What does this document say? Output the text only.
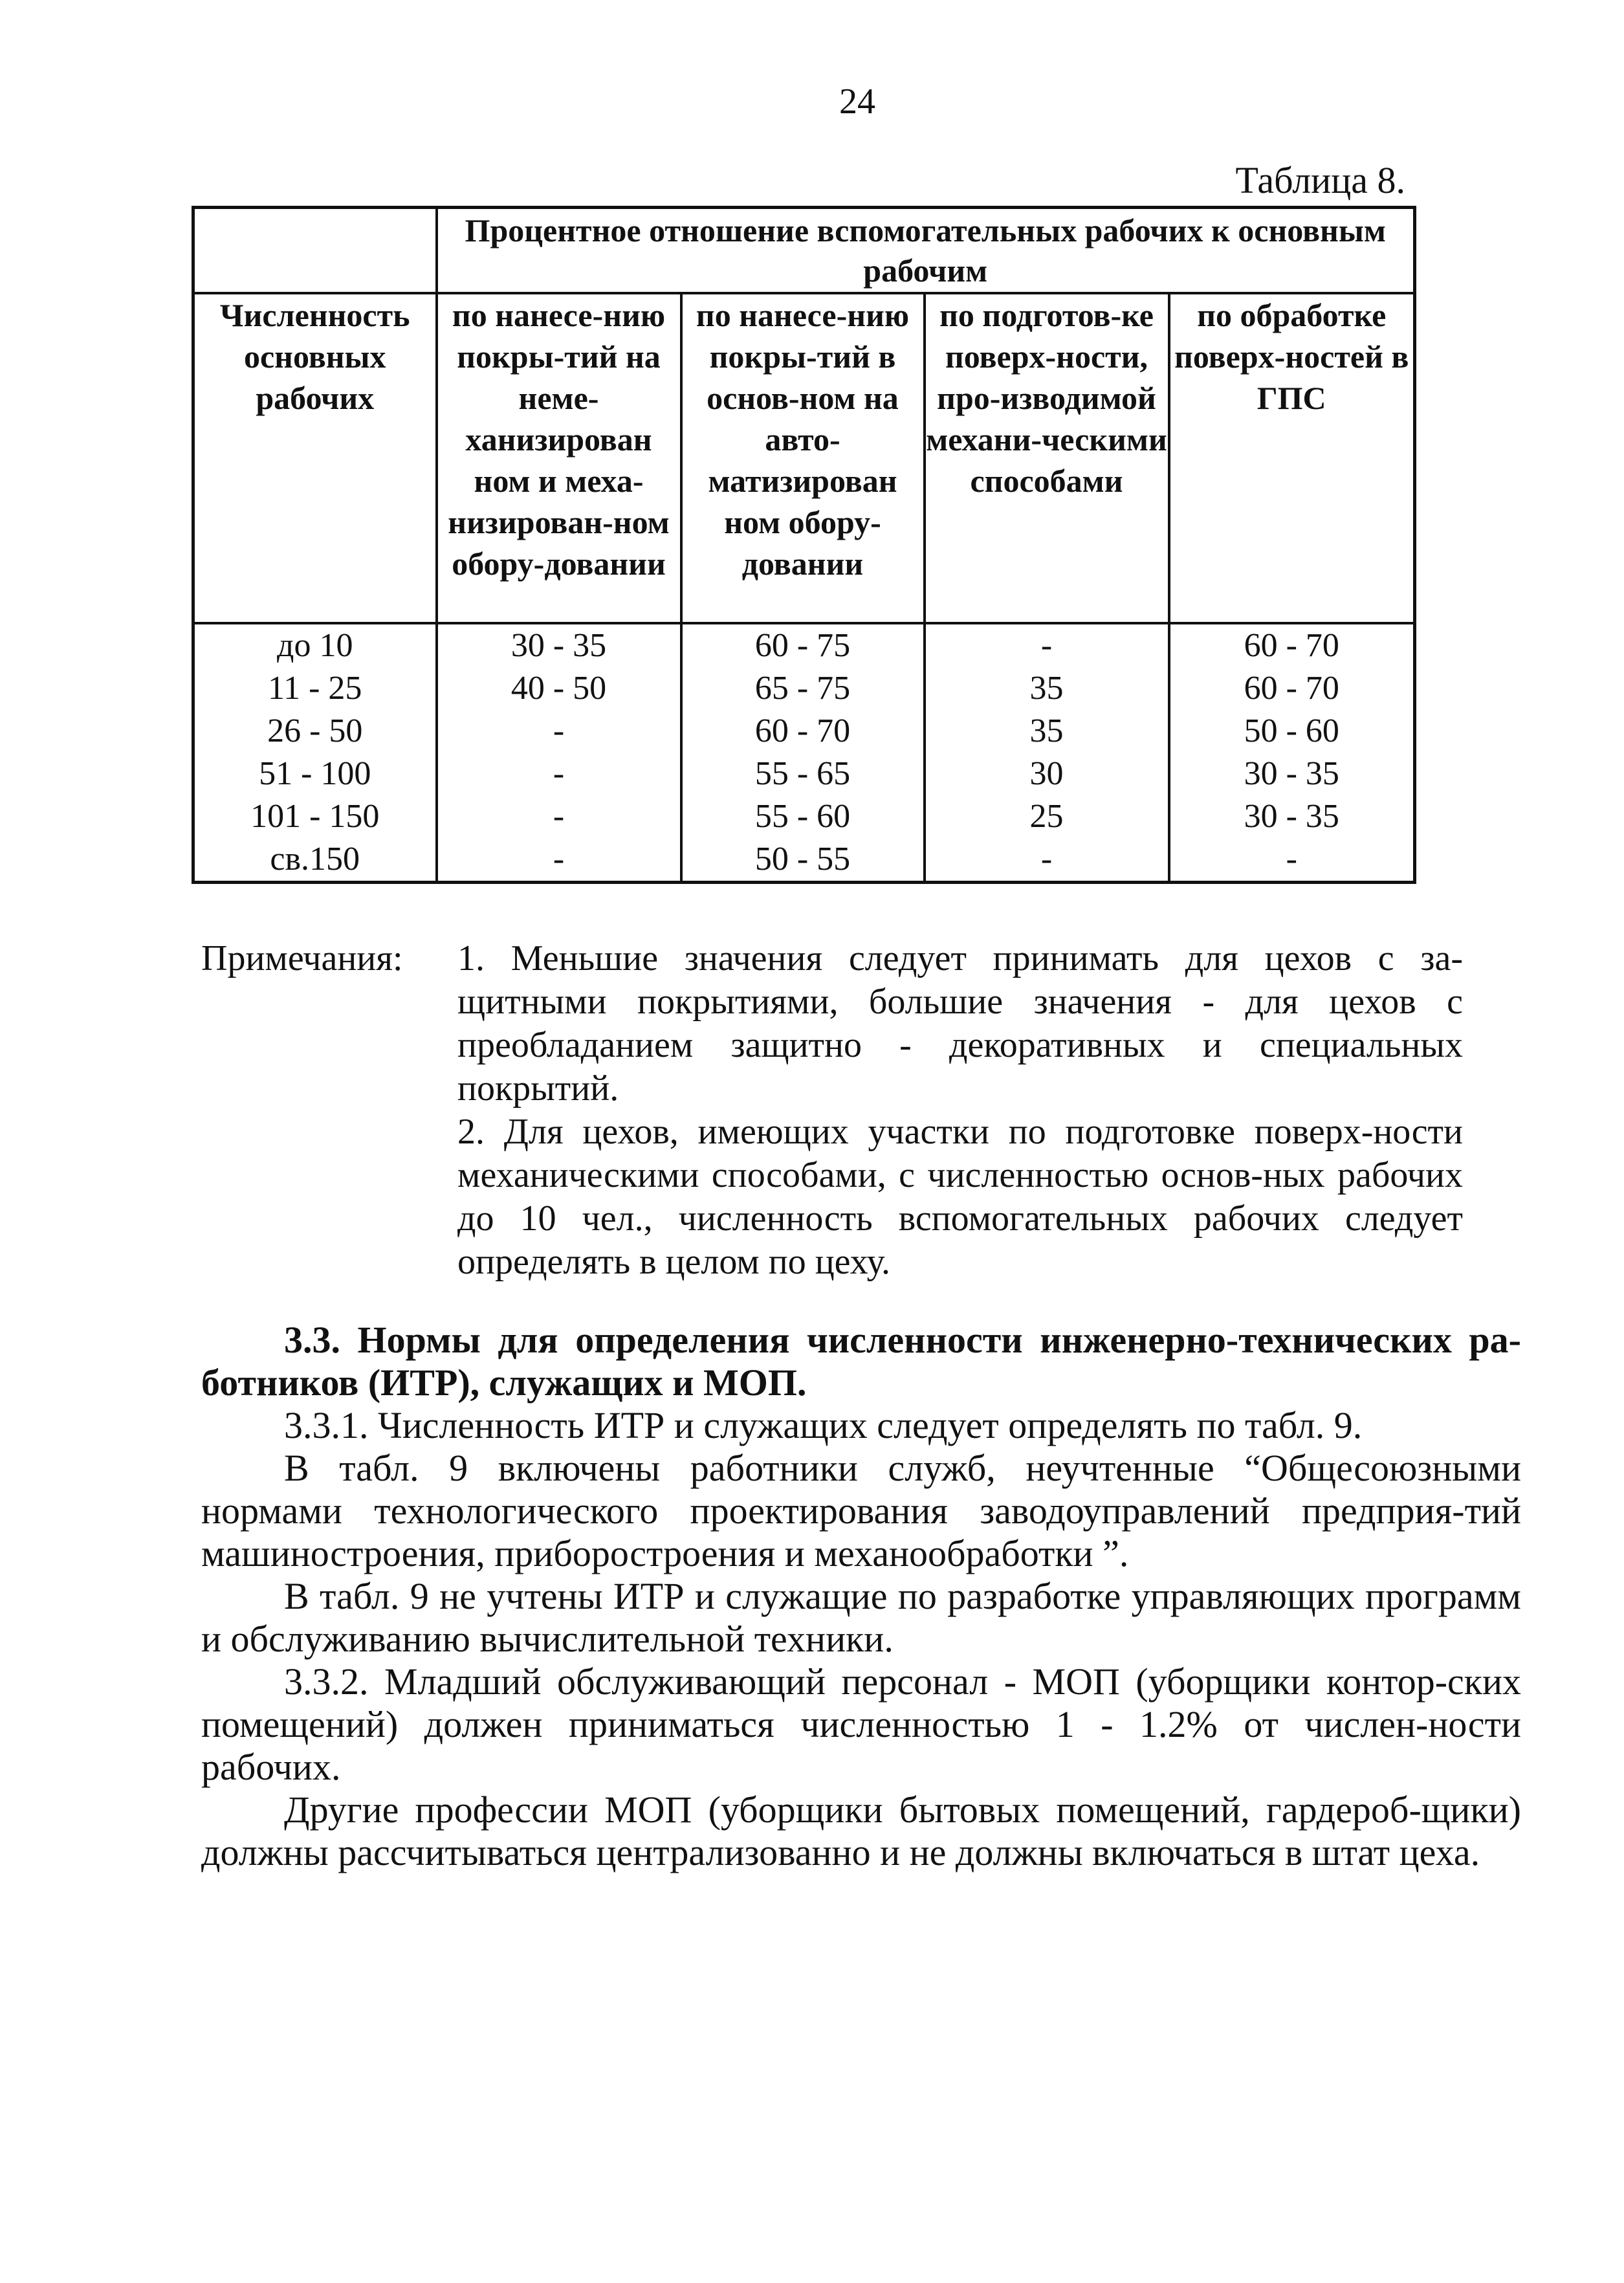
24
Таблица 8.
	Процентное отношение вспомогательных рабочих к основным рабочим			
Численность основных рабочих	по нанесе-нию покры-тий на неме-ханизирован ном и меха-низирован-ном обору-довании	по нанесе-нию покры-тий в основ-ном на авто-матизирован ном обору-довании	по подготов-ке поверх-ности, про-изводимой механи-ческими способами	по обработке поверх-ностей в ГПС
до 10	30 - 35	60 - 75	-	60 - 70
11 - 25	40 - 50	65 - 75	35	60 - 70
26 - 50	-	60 - 70	35	50 - 60
51 - 100	-	55 - 65	30	30 - 35
101 - 150	-	55 - 60	25	30 - 35
св.150	-	50 - 55	-	-
Примечания: 1. Меньшие значения следует принимать для цехов с за-щитными покрытиями, большие значения - для цехов с преобладанием защитно - декоративных и специальных покрытий.

2. Для цехов, имеющих участки по подготовке поверх-ности механическими способами, с численностью основ-ных рабочих до 10 чел., численность вспомогательных рабочих следует определять в целом по цеху.

3.3. Нормы для определения численности инженерно-технических ра-ботников (ИТР), служащих и МОП.

3.3.1. Численность ИТР и служащих следует определять по табл. 9.

В табл. 9 включены работники служб, неучтенные “Общесоюзными нормами технологического проектирования заводоуправлений предприя-тий машиностроения, приборостроения и механообработки ”.

В табл. 9 не учтены ИТР и служащие по разработке управляющих программ и обслуживанию вычислительной техники.

3.3.2. Младший обслуживающий персонал - МОП (уборщики контор-ских помещений) должен приниматься численностью 1 - 1.2% от числен-ности рабочих.

Другие профессии МОП (уборщики бытовых помещений, гардероб-щики) должны рассчитываться централизованно и не должны включаться в штат цеха.
